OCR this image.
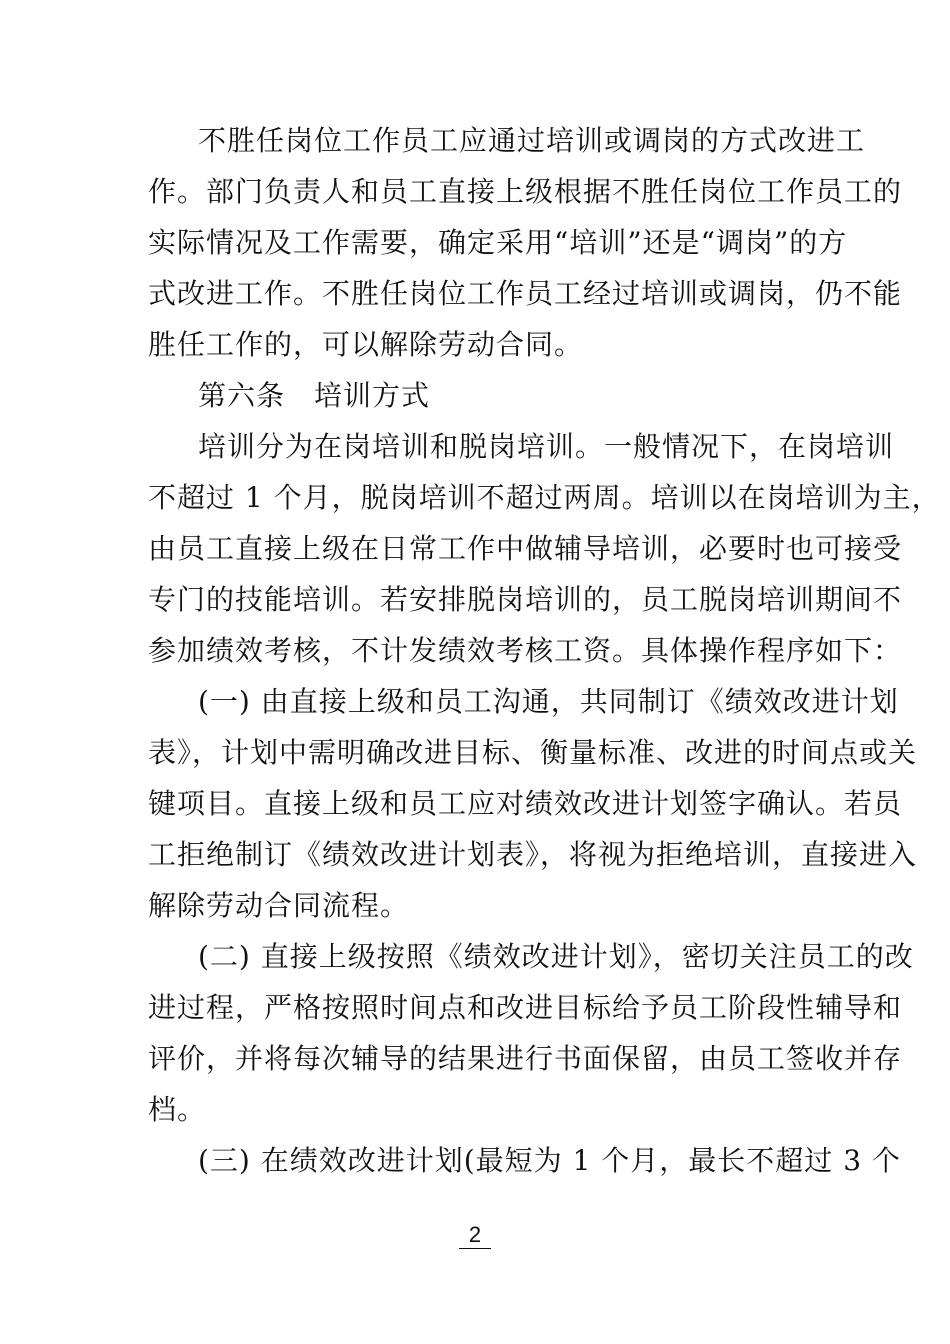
不胜任岗位工作员工应通过培训或调岗的方式改进工
作。部门负责人和员工直接上级根据不胜任岗位工作员工的
实际情况及工作需要，确定采用“培训”还是“调岗”的方
式改进工作。不胜任岗位工作员工经过培训或调岗，仍不能
胜任工作的，可以解除劳动合同。
第六条　培训方式
培训分为在岗培训和脱岗培训。一般情况下，在岗培训
不超过 1 个月，脱岗培训不超过两周。培训以在岗培训为主，
由员工直接上级在日常工作中做辅导培训，必要时也可接受
专门的技能培训。若安排脱岗培训的，员工脱岗培训期间不
参加绩效考核，不计发绩效考核工资。具体操作程序如下：
(一) 由直接上级和员工沟通，共同制订《绩效改进计划
表》，计划中需明确改进目标、衡量标准、改进的时间点或关
键项目。直接上级和员工应对绩效改进计划签字确认。若员
工拒绝制订《绩效改进计划表》，将视为拒绝培训，直接进入
解除劳动合同流程。
(二) 直接上级按照《绩效改进计划》，密切关注员工的改
进过程，严格按照时间点和改进目标给予员工阶段性辅导和
评价，并将每次辅导的结果进行书面保留，由员工签收并存
档。
(三) 在绩效改进计划(最短为 1 个月，最长不超过 3 个
2
